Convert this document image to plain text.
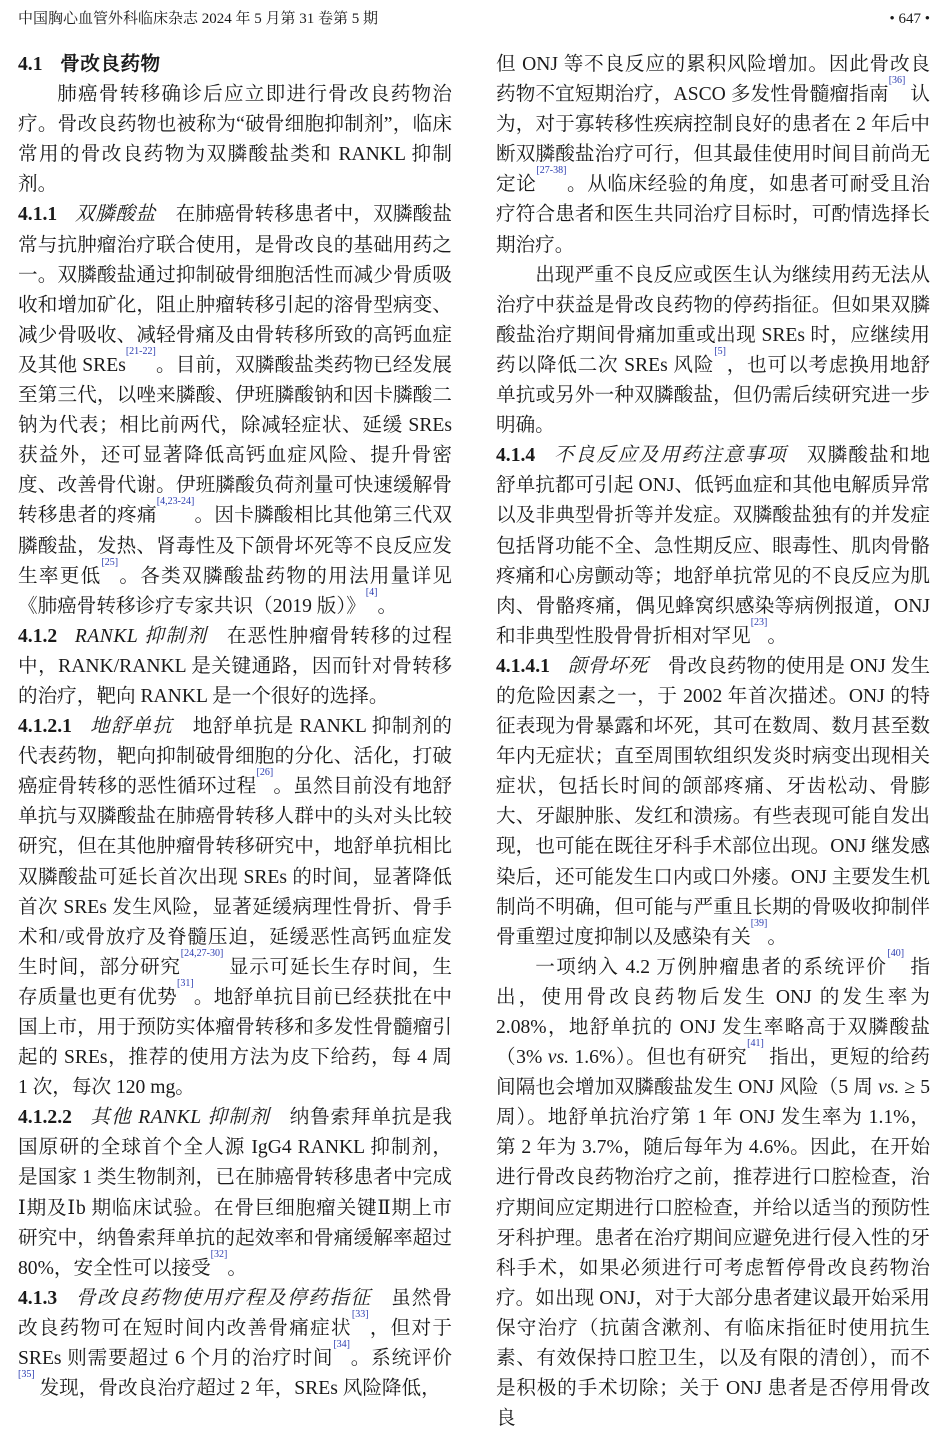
中国胸心血管外科临床杂志 2024 年 5 月第 31 卷第 5 期	• 647 •

4.1 骨改良药物

肺癌骨转移确诊后应立即进行骨改良药物治疗。骨改良药物也被称为“破骨细胞抑制剂”，临床常用的骨改良药物为双膦酸盐类和 RANKL 抑制剂。

4.1.1 双膦酸盐 在肺癌骨转移患者中，双膦酸盐常与抗肿瘤治疗联合使用，是骨改良的基础用药之一。双膦酸盐通过抑制破骨细胞活性而减少骨质吸收和增加矿化，阻止肿瘤转移引起的溶骨型病变、减少骨吸收、减轻骨痛及由骨转移所致的高钙血症及其他 SREs[21-22]。目前，双膦酸盐类药物已经发展至第三代，以唑来膦酸、伊班膦酸钠和因卡膦酸二钠为代表；相比前两代，除减轻症状、延缓 SREs 获益外，还可显著降低高钙血症风险、提升骨密度、改善骨代谢。伊班膦酸负荷剂量可快速缓解骨转移患者的疼痛[4,23-24]。因卡膦酸相比其他第三代双膦酸盐，发热、肾毒性及下颌骨坏死等不良反应发生率更低[25]。各类双膦酸盐药物的用法用量详见《肺癌骨转移诊疗专家共识（2019 版）》[4]。

4.1.2 RANKL 抑制剂 在恶性肿瘤骨转移的过程中，RANK/RANKL 是关键通路，因而针对骨转移的治疗，靶向 RANKL 是一个很好的选择。

4.1.2.1 地舒单抗 地舒单抗是 RANKL 抑制剂的代表药物，靶向抑制破骨细胞的分化、活化，打破癌症骨转移的恶性循环过程[26]。虽然目前没有地舒单抗与双膦酸盐在肺癌骨转移人群中的头对头比较研究，但在其他肿瘤骨转移研究中，地舒单抗相比双膦酸盐可延长首次出现 SREs 的时间，显著降低首次 SREs 发生风险，显著延缓病理性骨折、骨手术和/或骨放疗及脊髓压迫，延缓恶性高钙血症发生时间，部分研究[24,27-30] 显示可延长生存时间，生存质量也更有优势[31]。地舒单抗目前已经获批在中国上市，用于预防实体瘤骨转移和多发性骨髓瘤引起的 SREs，推荐的使用方法为皮下给药，每 4 周 1 次，每次 120 mg。

4.1.2.2 其他 RANKL 抑制剂 纳鲁索拜单抗是我国原研的全球首个全人源 IgG4 RANKL 抑制剂，是国家 1 类生物制剂，已在肺癌骨转移患者中完成 Ⅰ期及Ⅰb 期临床试验。在骨巨细胞瘤关键Ⅱ期上市研究中，纳鲁索拜单抗的起效率和骨痛缓解率超过 80%，安全性可以接受[32]。

4.1.3 骨改良药物使用疗程及停药指征 虽然骨改良药物可在短时间内改善骨痛症状[33]，但对于 SREs 则需要超过 6 个月的治疗时间[34]。系统评价[35] 发现，骨改良治疗超过 2 年，SREs 风险降低，

但 ONJ 等不良反应的累积风险增加。因此骨改良药物不宜短期治疗，ASCO 多发性骨髓瘤指南[36] 认为，对于寡转移性疾病控制良好的患者在 2 年后中断双膦酸盐治疗可行，但其最佳使用时间目前尚无定论[27-38]。从临床经验的角度，如患者可耐受且治疗符合患者和医生共同治疗目标时，可酌情选择长期治疗。

出现严重不良反应或医生认为继续用药无法从治疗中获益是骨改良药物的停药指征。但如果双膦酸盐治疗期间骨痛加重或出现 SREs 时，应继续用药以降低二次 SREs 风险[5]，也可以考虑换用地舒单抗或另外一种双膦酸盐，但仍需后续研究进一步明确。

4.1.4 不良反应及用药注意事项 双膦酸盐和地舒单抗都可引起 ONJ、低钙血症和其他电解质异常以及非典型骨折等并发症。双膦酸盐独有的并发症包括肾功能不全、急性期反应、眼毒性、肌肉骨骼疼痛和心房颤动等；地舒单抗常见的不良反应为肌肉、骨骼疼痛，偶见蜂窝织感染等病例报道，ONJ 和非典型性股骨骨折相对罕见[23]。

4.1.4.1 颌骨坏死 骨改良药物的使用是 ONJ 发生的危险因素之一，于 2002 年首次描述。ONJ 的特征表现为骨暴露和坏死，其可在数周、数月甚至数年内无症状；直至周围软组织发炎时病变出现相关症状，包括长时间的颌部疼痛、牙齿松动、骨膨大、牙龈肿胀、发红和溃疡。有些表现可能自发出现，也可能在既往牙科手术部位出现。ONJ 继发感染后，还可能发生口内或口外瘘。ONJ 主要发生机制尚不明确，但可能与严重且长期的骨吸收抑制伴骨重塑过度抑制以及感染有关[39]。

一项纳入 4.2 万例肿瘤患者的系统评价[40] 指出，使用骨改良药物后发生 ONJ 的发生率为 2.08%，地舒单抗的 ONJ 发生率略高于双膦酸盐（3% vs. 1.6%）。但也有研究[41] 指出，更短的给药间隔也会增加双膦酸盐发生 ONJ 风险（5 周 vs. ≥ 5 周）。地舒单抗治疗第 1 年 ONJ 发生率为 1.1%，第 2 年为 3.7%，随后每年为 4.6%。因此，在开始进行骨改良药物治疗之前，推荐进行口腔检查，治疗期间应定期进行口腔检查，并给以适当的预防性牙科护理。患者在治疗期间应避免进行侵入性的牙科手术，如果必须进行可考虑暂停骨改良药物治疗。如出现 ONJ，对于大部分患者建议最开始采用保守治疗（抗菌含漱剂、有临床指征时使用抗生素、有效保持口腔卫生，以及有限的清创），而不是积极的手术切除；关于 ONJ 患者是否停用骨改良
